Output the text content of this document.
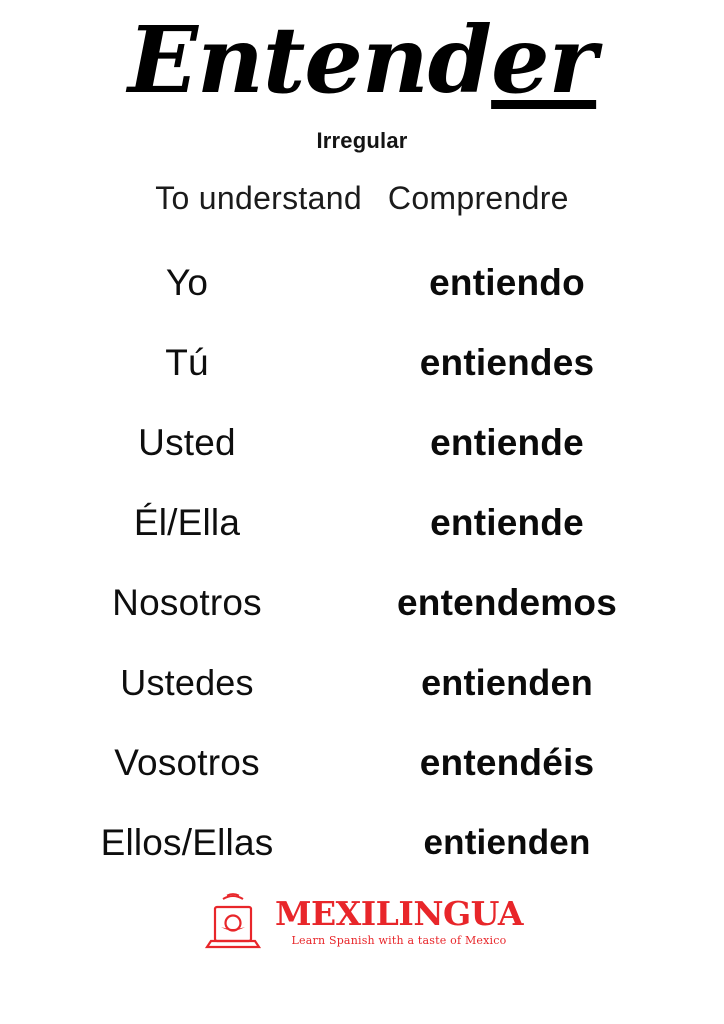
Entender
Irregular
To understand Comprendre
Yo	entiendo
Tú	entiendes
Usted	entiende
Él/Ella	entiende
Nosotros	entendemos
Ustedes	entienden
Vosotros	entendéis
Ellos/Ellas	entienden
MEXILINGUA
Learn Spanish with a taste of Mexico
